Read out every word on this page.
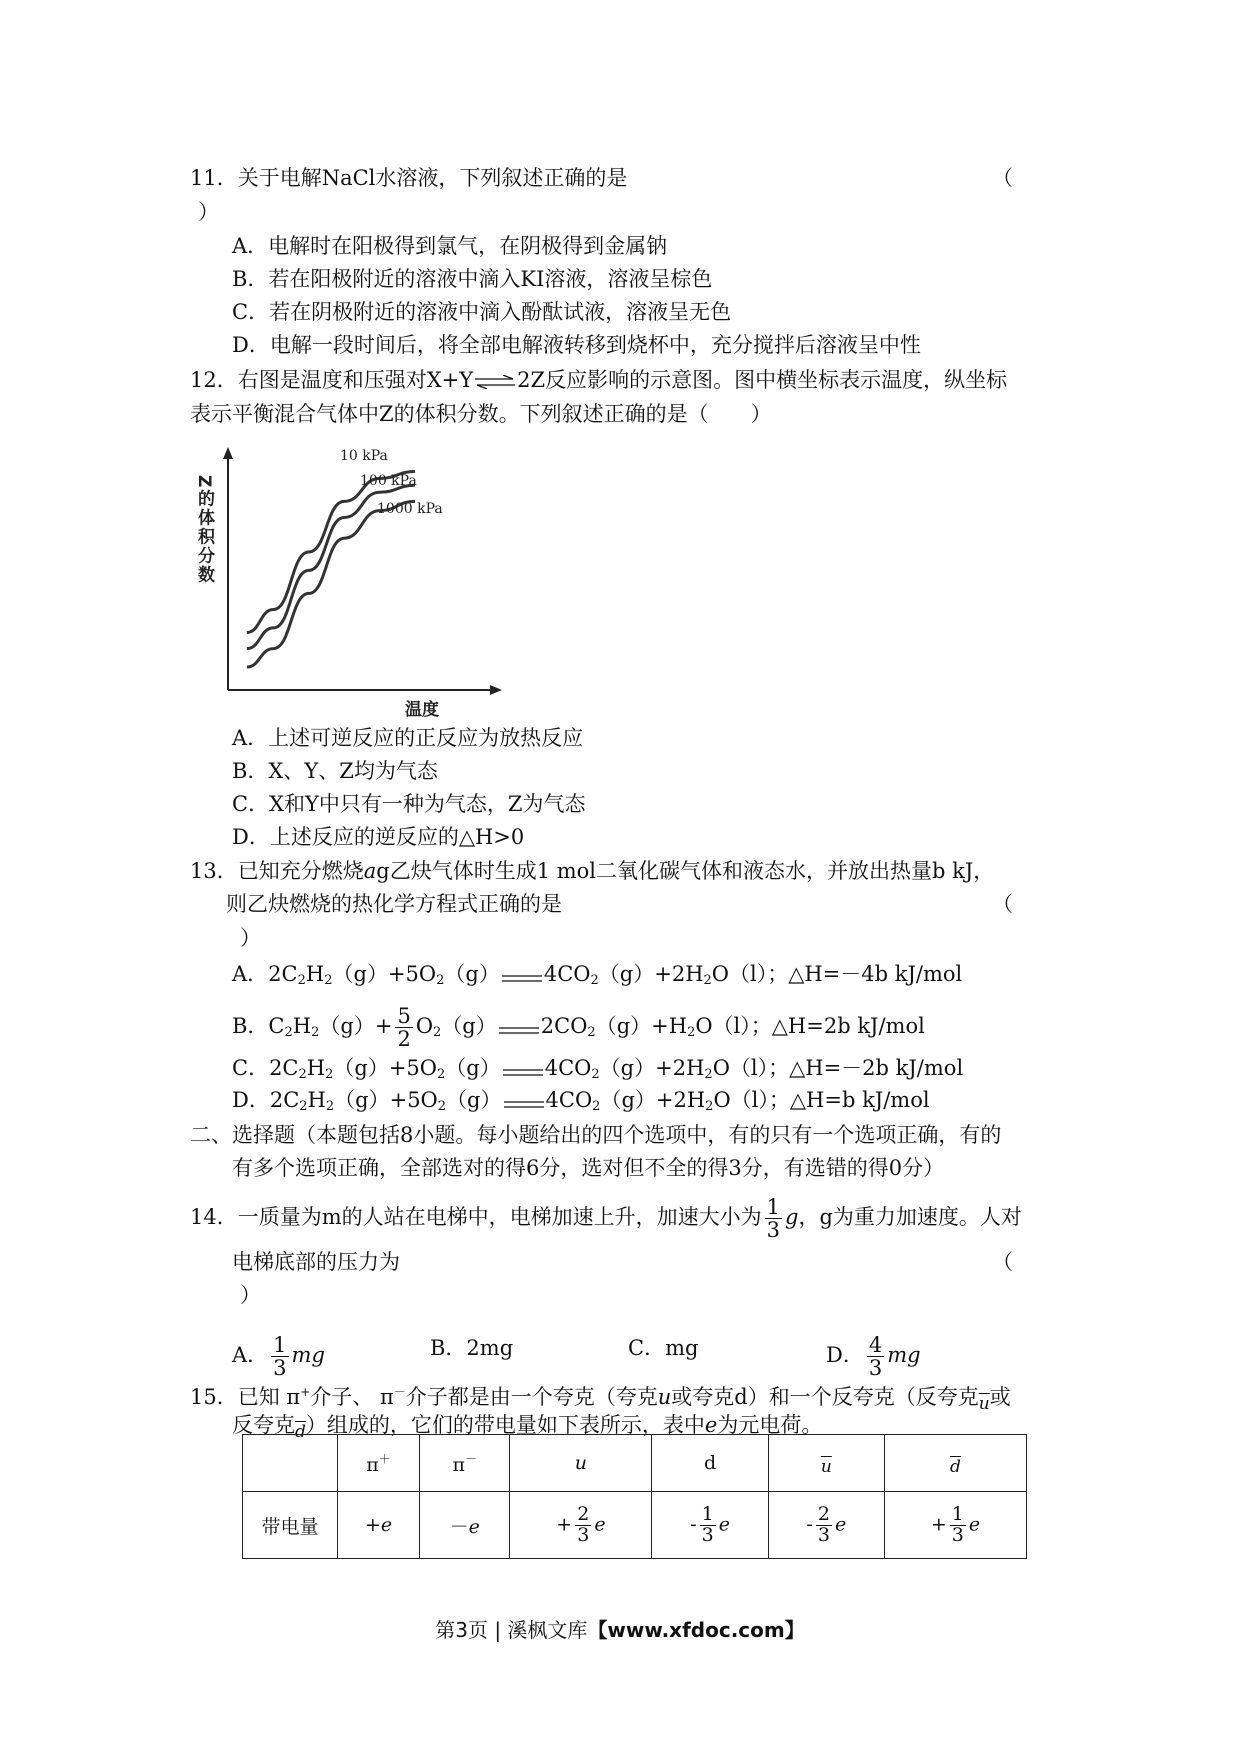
11．关于电解NaCl水溶液，下列叙述正确的是	（
）
A．电解时在阳极得到氯气，在阴极得到金属钠
B．若在阳极附近的溶液中滴入KI溶液，溶液呈棕色
C．若在阴极附近的溶液中滴入酚酞试液，溶液呈无色
D．电解一段时间后，将全部电解液转移到烧杯中，充分搅拌后溶液呈中性
12．右图是温度和压强对X+Y⇌2Z反应影响的示意图。图中横坐标表示温度，纵坐标
表示平衡混合气体中Z的体积分数。下列叙述正确的是（　　）
Z的体积分数
温度
10 kPa
100 kPa
1000 kPa
A．上述可逆反应的正反应为放热反应
B．X、Y、Z均为气态
C．X和Y中只有一种为气态，Z为气态
D．上述反应的逆反应的△H>0
13．已知充分燃烧ag乙炔气体时生成1 mol二氧化碳气体和液态水，并放出热量b kJ，
则乙炔燃烧的热化学方程式正确的是	（
）
A．$2C_2H_2(g)+5O_2(g)$ $4CO_2(g)+2H_2O(l)$；△H=－4b kJ/mol
B．$C_2H_2(g)+ \frac{5}{2} O_2(g)$ $2CO_2(g)+H_2O(l)$；△H=2b kJ/mol
C．$2C_2H_2(g)+5O_2(g)$ $4CO_2(g)+2H_2O(l)$；△H=－2b kJ/mol
D．$2C_2H_2(g)+5O_2(g)$ $4CO_2(g)+2H_2O(l)$；△H=b kJ/mol
二、选择题（本题包括8小题。每小题给出的四个选项中，有的只有一个选项正确，有的
有多个选项正确，全部选对的得6分，选对但不全的得3分，有选错的得0分）
14．一质量为m的人站在电梯中，电梯加速上升，加速大小为 $\frac{1}{3}$ g，g为重力加速度。人对
电梯底部的压力为	（
）
A． $\frac{1}{3}$ mg	B．2mg	C．mg	D． $\frac{4}{3}$ mg
15．已知 π+介子、 π－介子都是由一个夸克（夸克u或夸克d）和一个反夸克（反夸克$\overline{u}$或
反夸克$\overline{d}$）组成的，它们的带电量如下表所示，表中e为元电荷。
	π＋	π－	u	d	$\overline{u}$	$\overline{d}$
带电量	+e	－e	+ $\frac{2}{3}$ e	- $\frac{1}{3}$ e	- $\frac{2}{3}$ e	+ $\frac{1}{3}$ e
第3页 | 溪枫文库【www.xfdoc.com】
